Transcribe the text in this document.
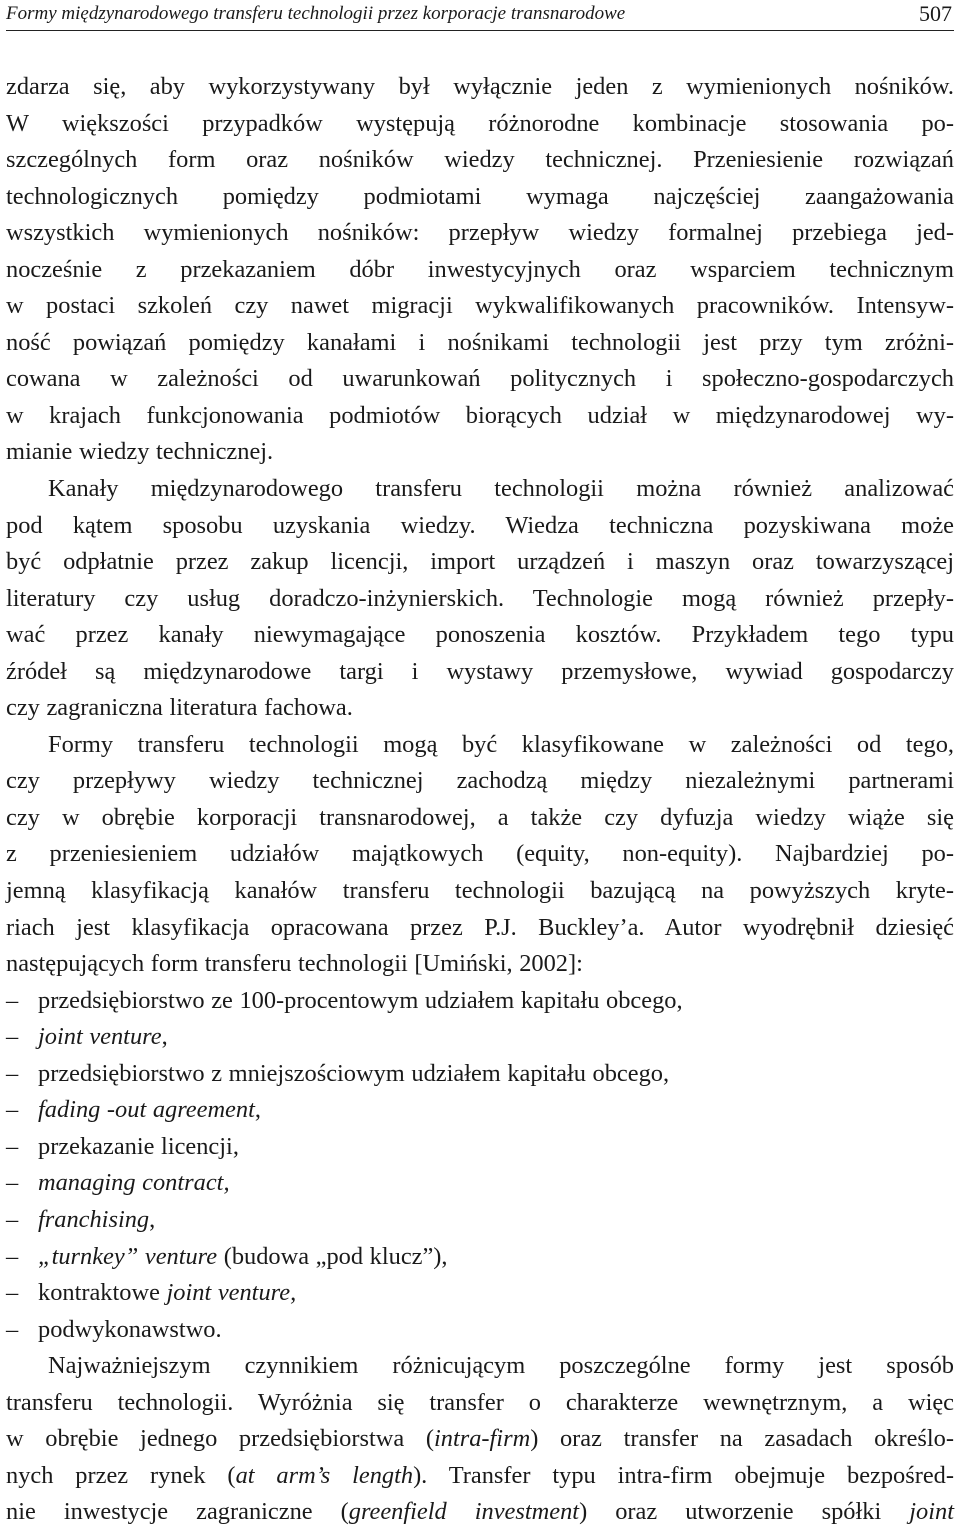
Formy międzynarodowego transferu technologii przez korporacje transnarodowe	507
zdarza się, aby wykorzystywany był wyłącznie jeden z wymienionych nośników.
W większości przypadków występują różnorodne kombinacje stosowania po-
szczególnych form oraz nośników wiedzy technicznej. Przeniesienie rozwiązań
technologicznych pomiędzy podmiotami wymaga najczęściej zaangażowania
wszystkich wymienionych nośników: przepływ wiedzy formalnej przebiega jed-
nocześnie z przekazaniem dóbr inwestycyjnych oraz wsparciem technicznym
w postaci szkoleń czy nawet migracji wykwalifikowanych pracowników. Intensyw-
ność powiązań pomiędzy kanałami i nośnikami technologii jest przy tym zróżni-
cowana w zależności od uwarunkowań politycznych i społeczno-gospodarczych
w krajach funkcjonowania podmiotów biorących udział w międzynarodowej wy-
mianie wiedzy technicznej.
Kanały międzynarodowego transferu technologii można również analizować
pod kątem sposobu uzyskania wiedzy. Wiedza techniczna pozyskiwana może
być odpłatnie przez zakup licencji, import urządzeń i maszyn oraz towarzyszącej
literatury czy usług doradczo-inżynierskich. Technologie mogą również przepły-
wać przez kanały niewymagające ponoszenia kosztów. Przykładem tego typu
źródeł są międzynarodowe targi i wystawy przemysłowe, wywiad gospodarczy
czy zagraniczna literatura fachowa.
Formy transferu technologii mogą być klasyfikowane w zależności od tego,
czy przepływy wiedzy technicznej zachodzą między niezależnymi partnerami
czy w obrębie korporacji transnarodowej, a także czy dyfuzja wiedzy wiąże się
z przeniesieniem udziałów majątkowych (equity, non-equity). Najbardziej po-
jemną klasyfikacją kanałów transferu technologii bazującą na powyższych kryte-
riach jest klasyfikacja opracowana przez P.J. Buckley’a. Autor wyodrębnił dziesięć
następujących form transferu technologii [Umiński, 2002]:
– przedsiębiorstwo ze 100-procentowym udziałem kapitału obcego,
– joint venture,
– przedsiębiorstwo z mniejszościowym udziałem kapitału obcego,
– fading -out agreement,
– przekazanie licencji,
– managing contract,
– franchising,
– „turnkey” venture (budowa „pod klucz”),
– kontraktowe joint venture,
– podwykonawstwo.
Najważniejszym czynnikiem różnicującym poszczególne formy jest sposób
transferu technologii. Wyróżnia się transfer o charakterze wewnętrznym, a więc
w obrębie jednego przedsiębiorstwa (intra-firm) oraz transfer na zasadach określo-
nych przez rynek (at arm’s length). Transfer typu intra-firm obejmuje bezpośred-
nie inwestycje zagraniczne (greenfield investment) oraz utworzenie spółki joint
